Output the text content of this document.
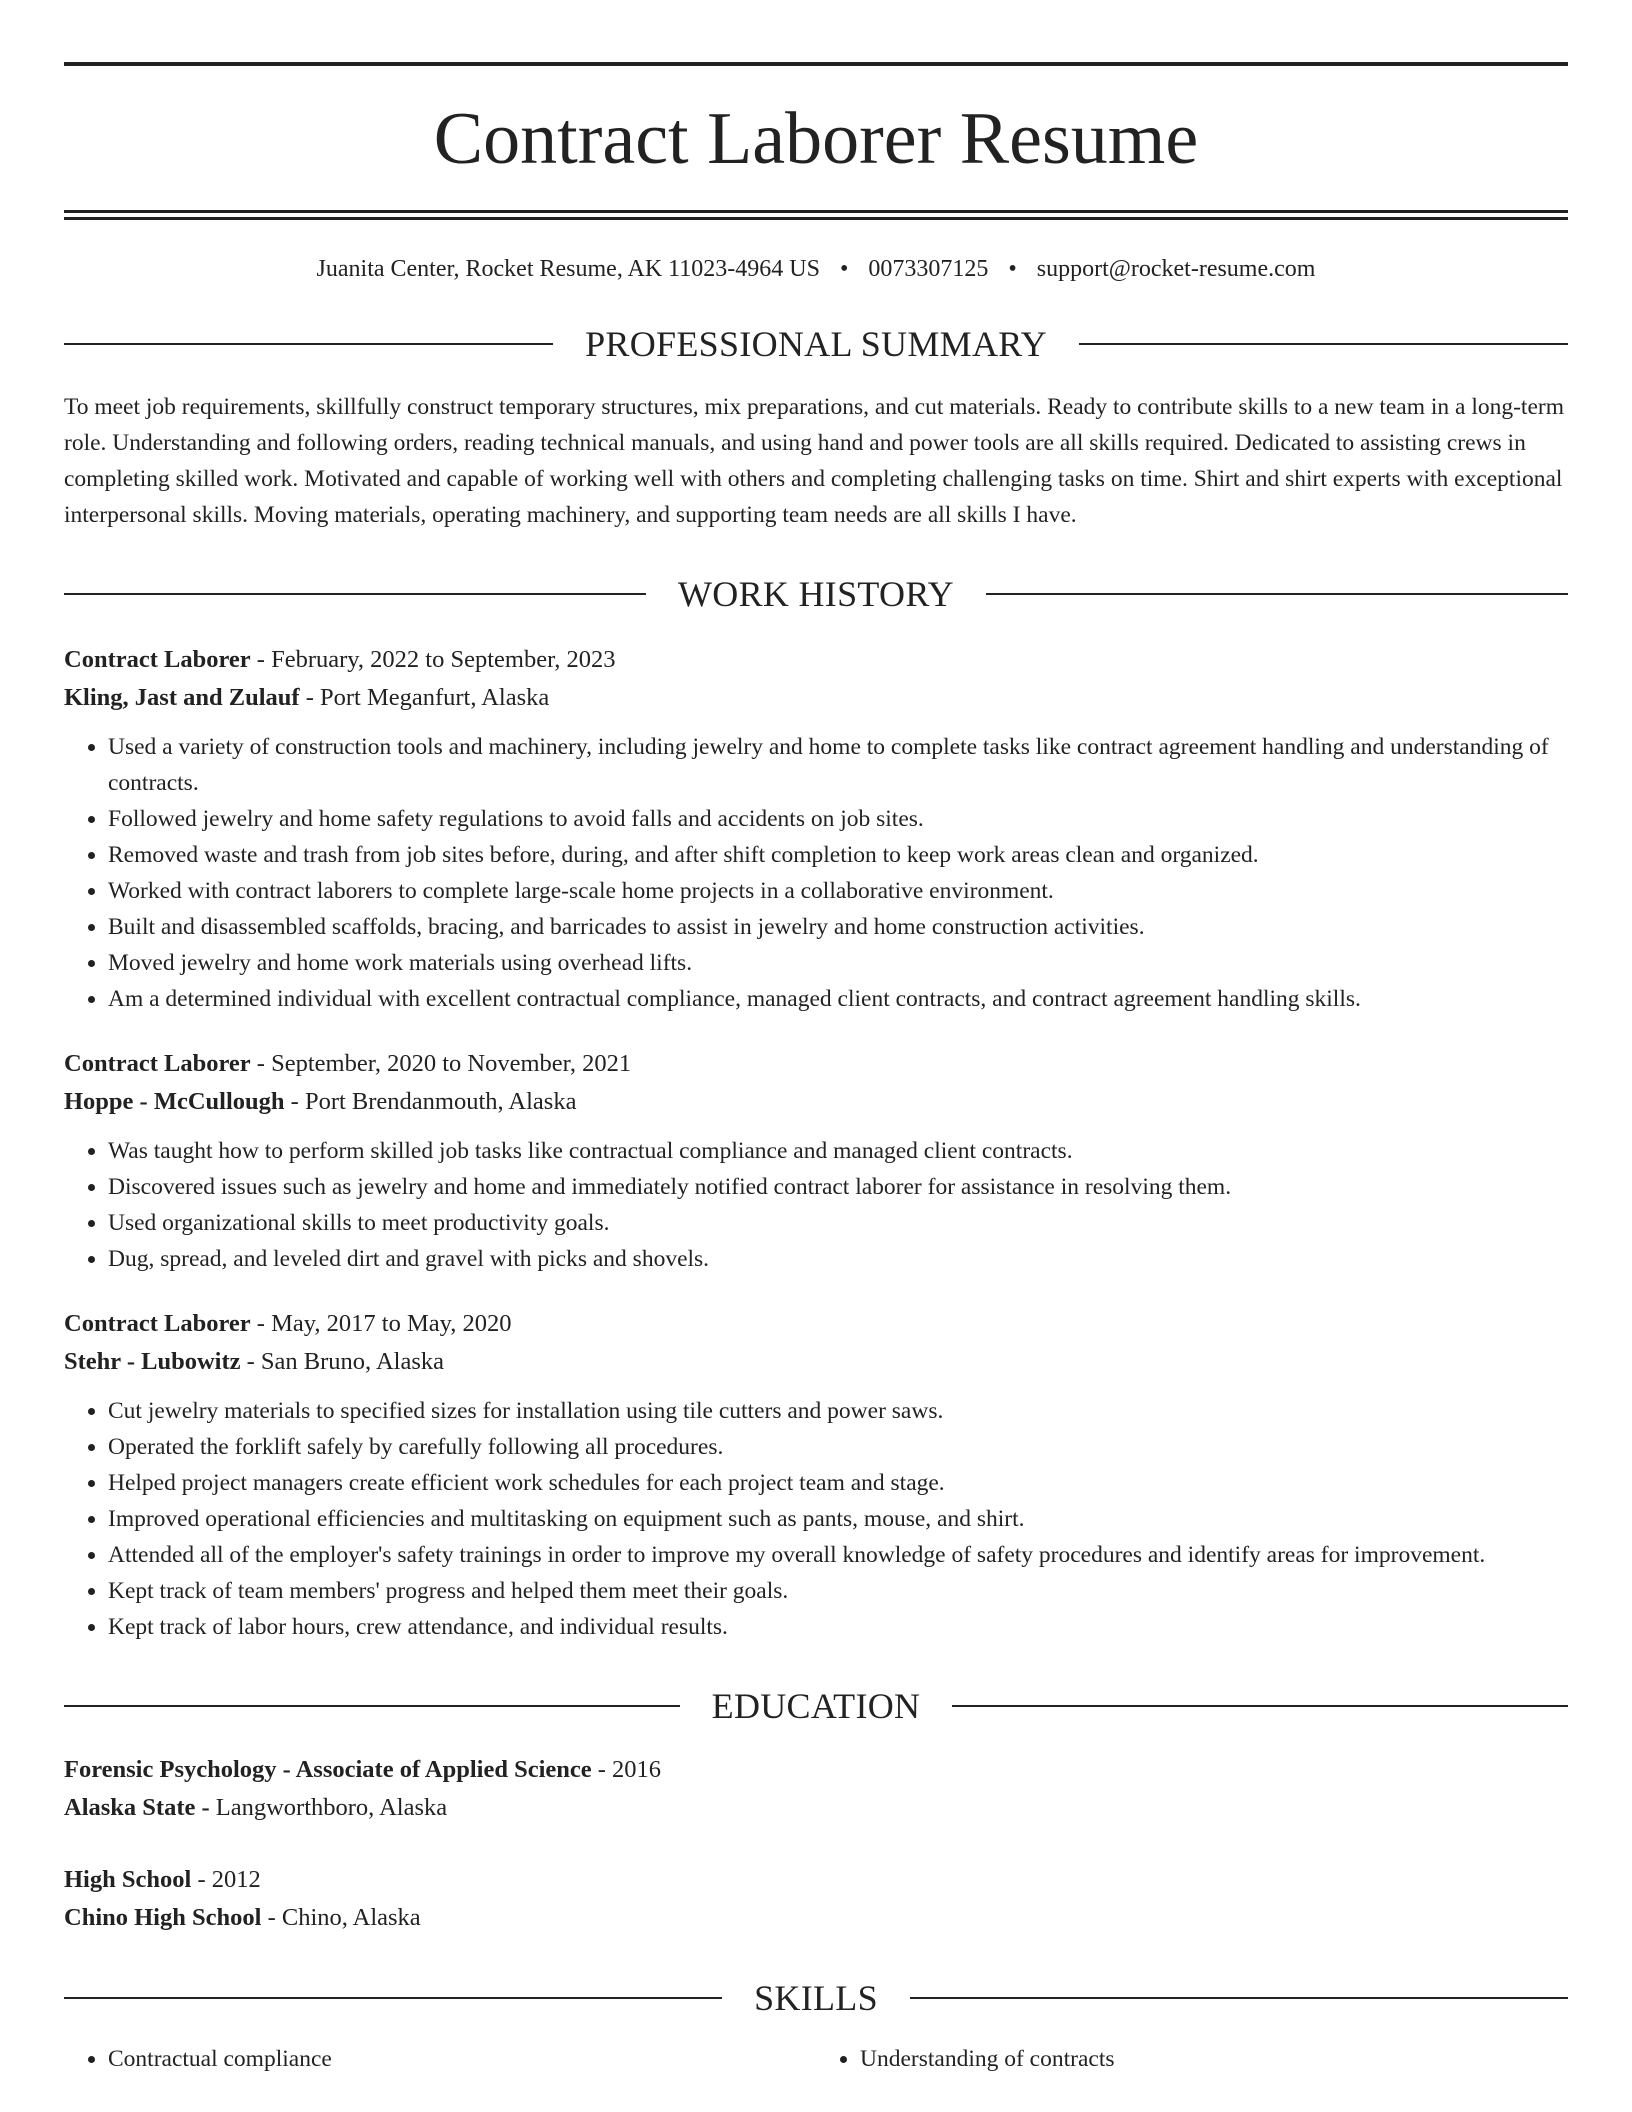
Contract Laborer Resume
Juanita Center, Rocket Resume, AK 11023-4964 US • 0073307125 • support@rocket-resume.com
PROFESSIONAL SUMMARY
To meet job requirements, skillfully construct temporary structures, mix preparations, and cut materials. Ready to contribute skills to a new team in a long-term role. Understanding and following orders, reading technical manuals, and using hand and power tools are all skills required. Dedicated to assisting crews in completing skilled work. Motivated and capable of working well with others and completing challenging tasks on time. Shirt and shirt experts with exceptional interpersonal skills. Moving materials, operating machinery, and supporting team needs are all skills I have.
WORK HISTORY
Contract Laborer - February, 2022 to September, 2023
Kling, Jast and Zulauf - Port Meganfurt, Alaska
• Used a variety of construction tools and machinery, including jewelry and home to complete tasks like contract agreement handling and understanding of contracts.
• Followed jewelry and home safety regulations to avoid falls and accidents on job sites.
• Removed waste and trash from job sites before, during, and after shift completion to keep work areas clean and organized.
• Worked with contract laborers to complete large-scale home projects in a collaborative environment.
• Built and disassembled scaffolds, bracing, and barricades to assist in jewelry and home construction activities.
• Moved jewelry and home work materials using overhead lifts.
• Am a determined individual with excellent contractual compliance, managed client contracts, and contract agreement handling skills.
Contract Laborer - September, 2020 to November, 2021
Hoppe - McCullough - Port Brendanmouth, Alaska
• Was taught how to perform skilled job tasks like contractual compliance and managed client contracts.
• Discovered issues such as jewelry and home and immediately notified contract laborer for assistance in resolving them.
• Used organizational skills to meet productivity goals.
• Dug, spread, and leveled dirt and gravel with picks and shovels.
Contract Laborer - May, 2017 to May, 2020
Stehr - Lubowitz - San Bruno, Alaska
• Cut jewelry materials to specified sizes for installation using tile cutters and power saws.
• Operated the forklift safely by carefully following all procedures.
• Helped project managers create efficient work schedules for each project team and stage.
• Improved operational efficiencies and multitasking on equipment such as pants, mouse, and shirt.
• Attended all of the employer's safety trainings in order to improve my overall knowledge of safety procedures and identify areas for improvement.
• Kept track of team members' progress and helped them meet their goals.
• Kept track of labor hours, crew attendance, and individual results.
EDUCATION
Forensic Psychology - Associate of Applied Science - 2016
Alaska State - Langworthboro, Alaska
High School - 2012
Chino High School - Chino, Alaska
SKILLS
• Contractual compliance
•	Understanding of contracts
